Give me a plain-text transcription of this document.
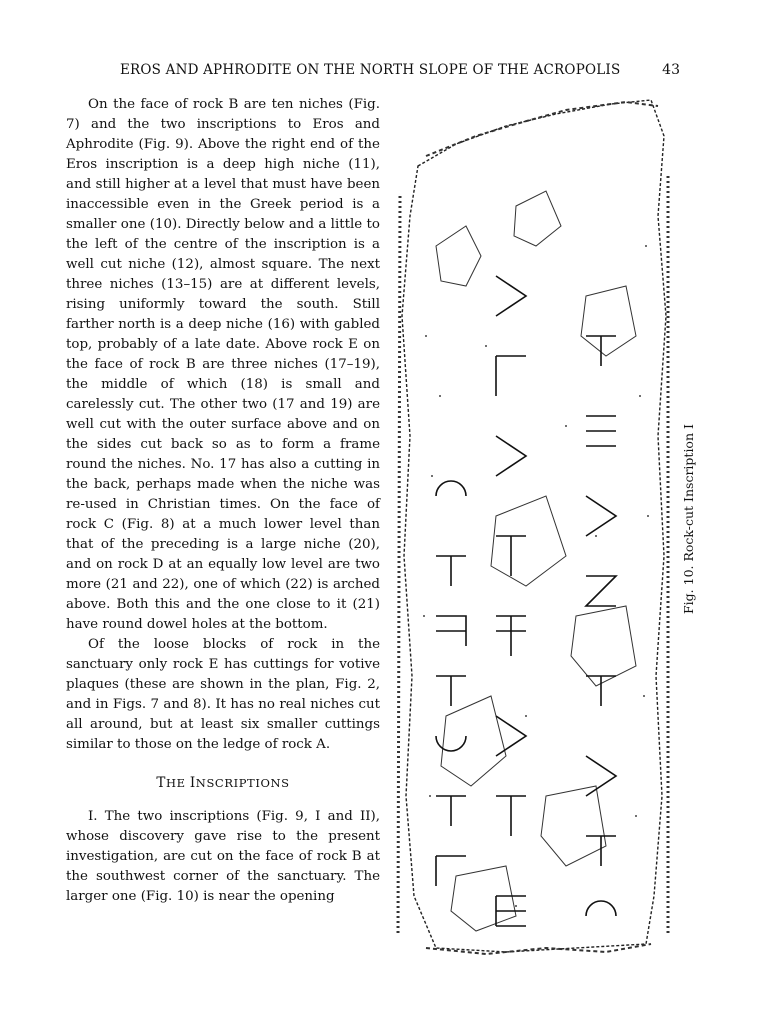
EROS AND APHRODITE ON THE NORTH SLOPE OF THE ACROPOLIS	43

On the face of rock B are ten niches (Fig. 7) and the two inscriptions to Eros and Aphrodite (Fig. 9). Above the right end of the Eros inscription is a deep high niche (11), and still higher at a level that must have been inaccessible even in the Greek period is a smaller one (10). Directly below and a little to the left of the centre of the inscription is a well cut niche (12), almost square. The next three niches (13–15) are at different levels, rising uniformly toward the south. Still farther north is a deep niche (16) with gabled top, probably of a late date. Above rock E on the face of rock B are three niches (17–19), the middle of which (18) is small and carelessly cut. The other two (17 and 19) are well cut with the outer surface above and on the sides cut back so as to form a frame round the niches. No. 17 has also a cutting in the back, perhaps made when the niche was re-used in Christian times. On the face of rock C (Fig. 8) at a much lower level than that of the preceding is a large niche (20), and on rock D at an equally low level are two more (21 and 22), one of which (22) is arched above. Both this and the one close to it (21) have round dowel holes at the bottom.

Of the loose blocks of rock in the sanctuary only rock E has cuttings for votive plaques (these are shown in the plan, Fig. 2, and in Figs. 7 and 8). It has no real niches cut all around, but at least six smaller cuttings similar to those on the ledge of rock A.

THE INSCRIPTIONS

I. The two inscriptions (Fig. 9, I and II), whose discovery gave rise to the present investigation, are cut on the face of rock B at the southwest corner of the sanctuary. The larger one (Fig. 10) is near the opening

Fig. 10. Rock-cut Inscription I
